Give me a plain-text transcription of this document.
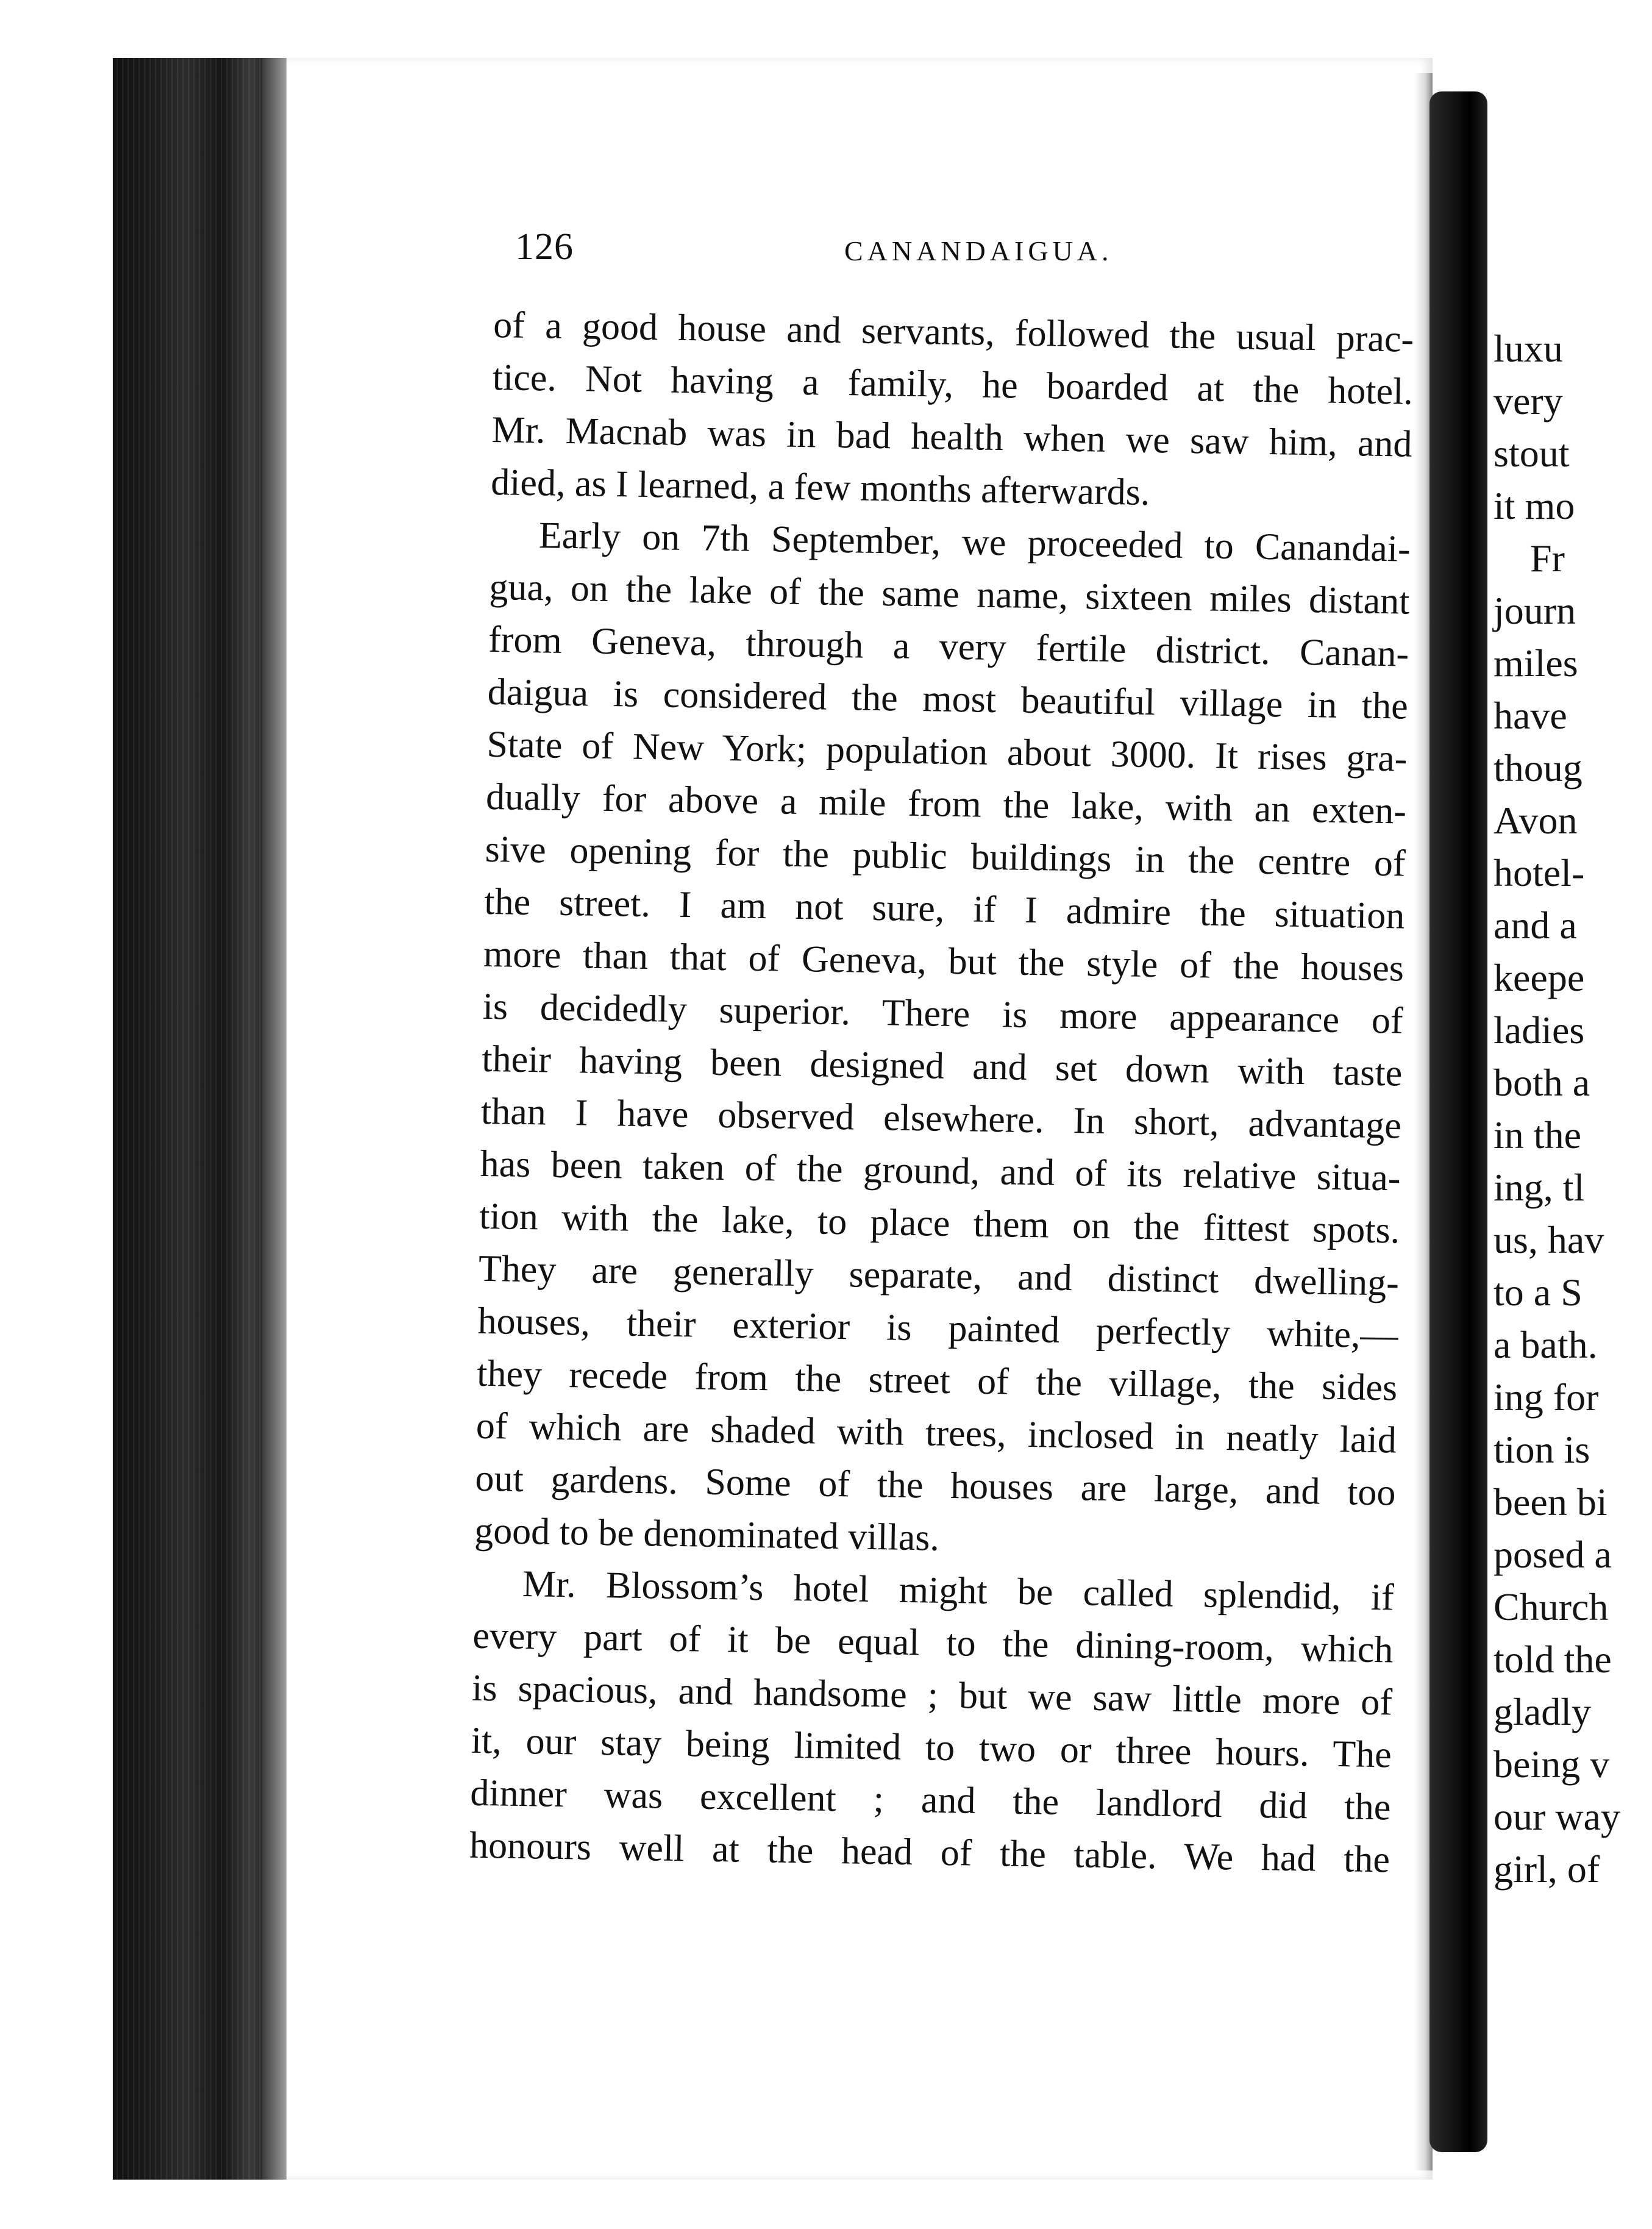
126	CANANDAIGUA.
of a good house and servants, followed the usual prac-
tice. Not having a family, he boarded at the hotel.
Mr. Macnab was in bad health when we saw him, and
died, as I learned, a few months afterwards.
Early on 7th September, we proceeded to Canandai-
gua, on the lake of the same name, sixteen miles distant
from Geneva, through a very fertile district. Canan-
daigua is considered the most beautiful village in the
State of New York; population about 3000. It rises gra-
dually for above a mile from the lake, with an exten-
sive opening for the public buildings in the centre of
the street. I am not sure, if I admire the situation
more than that of Geneva, but the style of the houses
is decidedly superior. There is more appearance of
their having been designed and set down with taste
than I have observed elsewhere. In short, advantage
has been taken of the ground, and of its relative situa-
tion with the lake, to place them on the fittest spots.
They are generally separate, and distinct dwelling-
houses, their exterior is painted perfectly white,—
they recede from the street of the village, the sides
of which are shaded with trees, inclosed in neatly laid
out gardens. Some of the houses are large, and too
good to be denominated villas.
Mr. Blossom’s hotel might be called splendid, if
every part of it be equal to the dining-room, which
is spacious, and handsome ; but we saw little more of
it, our stay being limited to two or three hours. The
dinner was excellent ; and the landlord did the
honours well at the head of the table. We had the
luxu
very
stout
it mo
Fr
journ
miles
have
thoug
Avon
hotel-
and a
keepe
ladies
both a
in the
ing, tl
us, hav
to a S
a bath.
ing for
tion is
been bi
posed a
Church
told the
gladly
being v
our way
girl, of
